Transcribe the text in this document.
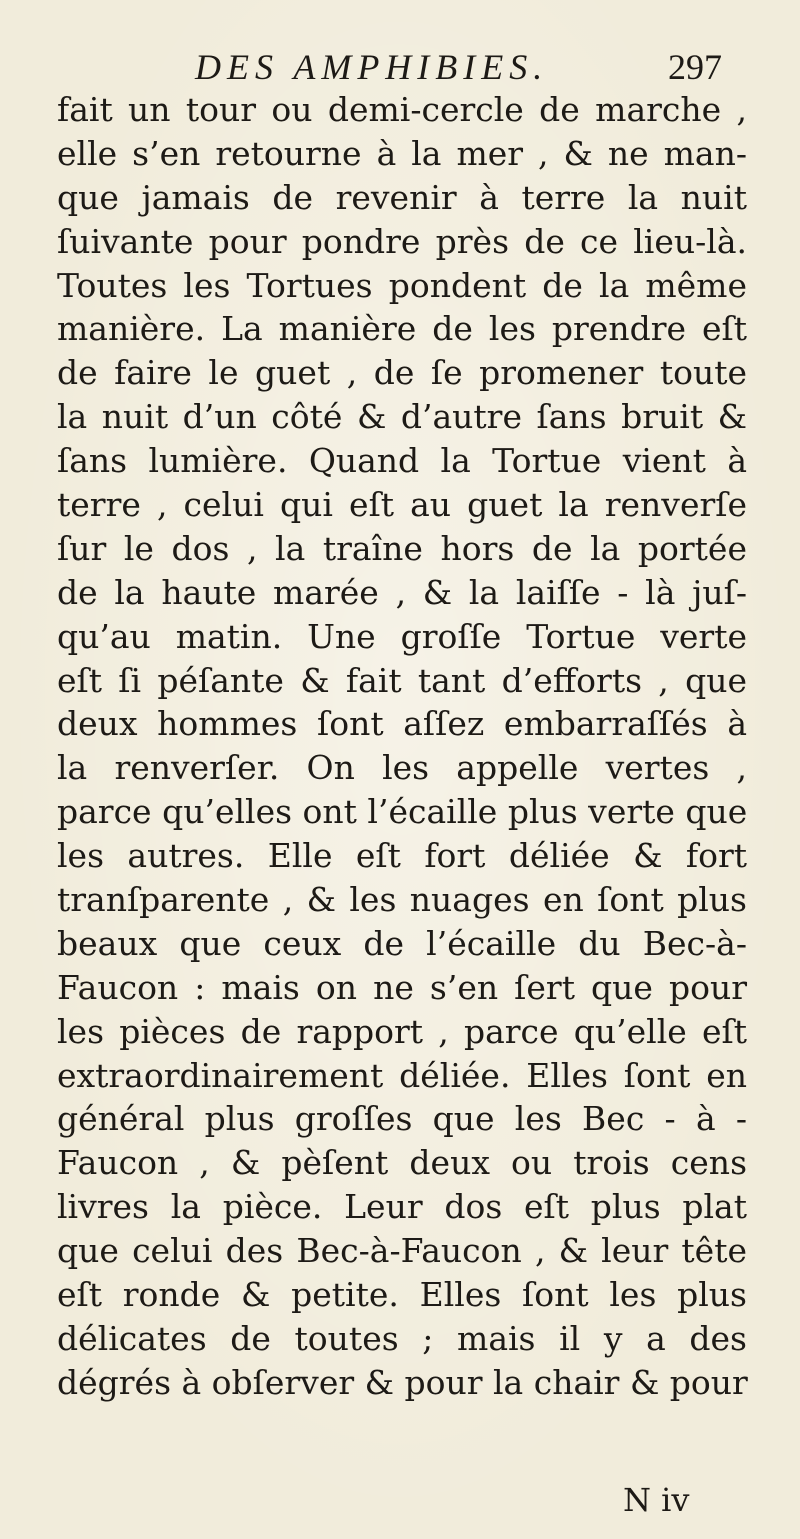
DES AMPHIBIES.	297
fait un tour ou demi-cercle de marche ,
elle s’en retourne à la mer , & ne man-
que jamais de revenir à terre la nuit
ſuivante pour pondre près de ce lieu-là.
Toutes les Tortues pondent de la même
manière. La manière de les prendre eſt
de faire le guet , de ſe promener toute
la nuit d’un côté & d’autre ſans bruit &
ſans lumière. Quand la Tortue vient à
terre , celui qui eſt au guet la renverſe
ſur le dos , la traîne hors de la portée
de la haute marée , & la laiſſe - là juſ-
qu’au matin. Une groſſe Tortue verte
eſt ſi péſante & fait tant d’efforts , que
deux hommes ſont aſſez embarraſſés à
la renverſer. On les appelle vertes ,
parce qu’elles ont l’écaille plus verte que
les autres. Elle eſt fort déliée & fort
tranſparente , & les nuages en ſont plus
beaux que ceux de l’écaille du Bec-à-
Faucon : mais on ne s’en ſert que pour
les pièces de rapport , parce qu’elle eſt
extraordinairement déliée. Elles ſont en
général plus groſſes que les Bec - à -
Faucon , & pèſent deux ou trois cens
livres la pièce. Leur dos eſt plus plat
que celui des Bec-à-Faucon , & leur tête
eſt ronde & petite. Elles ſont les plus
délicates de toutes ; mais il y a des
dégrés à obſerver & pour la chair & pour
N iv
